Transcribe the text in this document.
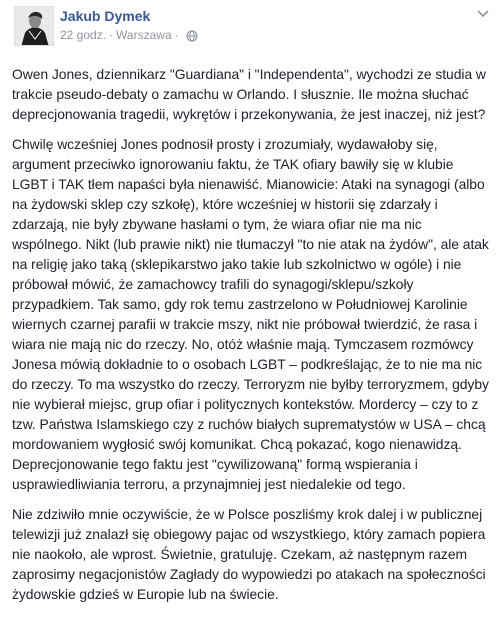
Jakub Dymek
22 godz. · Warszawa ·

Owen Jones, dziennikarz "Guardiana" i "Independenta", wychodzi ze studia w trakcie pseudo-debaty o zamachu w Orlando. I słusznie. Ile można słuchać deprecjonowania tragedii, wykrętów i przekonywania, że jest inaczej, niż jest?

Chwilę wcześniej Jones podnosił prosty i zrozumiały, wydawałoby się, argument przeciwko ignorowaniu faktu, że TAK ofiary bawiły się w klubie LGBT i TAK tłem napaści była nienawiść. Mianowicie: Ataki na synagogi (albo na żydowski sklep czy szkołę), które wcześniej w historii się zdarzały i zdarzają, nie były zbywane hasłami o tym, że wiara ofiar nie ma nic wspólnego. Nikt (lub prawie nikt) nie tłumaczył "to nie atak na żydów", ale atak na religię jako taką (sklepikarstwo jako takie lub szkolnictwo w ogóle) i nie próbował mówić, że zamachowcy trafili do synagogi/sklepu/szkoły przypadkiem. Tak samo, gdy rok temu zastrzelono w Południowej Karolinie wiernych czarnej parafii w trakcie mszy, nikt nie próbował twierdzić, że rasa i wiara nie mają nic do rzeczy. No, otóż właśnie mają. Tymczasem rozmówcy Jonesa mówią dokładnie to o osobach LGBT – podkreślając, że to nie ma nic do rzeczy. To ma wszystko do rzeczy. Terroryzm nie byłby terroryzmem, gdyby nie wybierał miejsc, grup ofiar i politycznych kontekstów. Mordercy – czy to z tzw. Państwa Islamskiego czy z ruchów białych suprematystów w USA – chcą mordowaniem wygłosić swój komunikat. Chcą pokazać, kogo nienawidzą. Deprecjonowanie tego faktu jest "cywilizowaną" formą wspierania i usprawiedliwiania terroru, a przynajmniej jest niedalekie od tego.

Nie zdziwiło mnie oczywiście, że w Polsce poszliśmy krok dalej i w publicznej telewizji już znalazł się obiegowy pajac od wszystkiego, który zamach popiera nie naokoło, ale wprost. Świetnie, gratuluję. Czekam, aż następnym razem zaprosimy negacjonistów Zagłady do wypowiedzi po atakach na społeczności żydowskie gdzieś w Europie lub na świecie.
